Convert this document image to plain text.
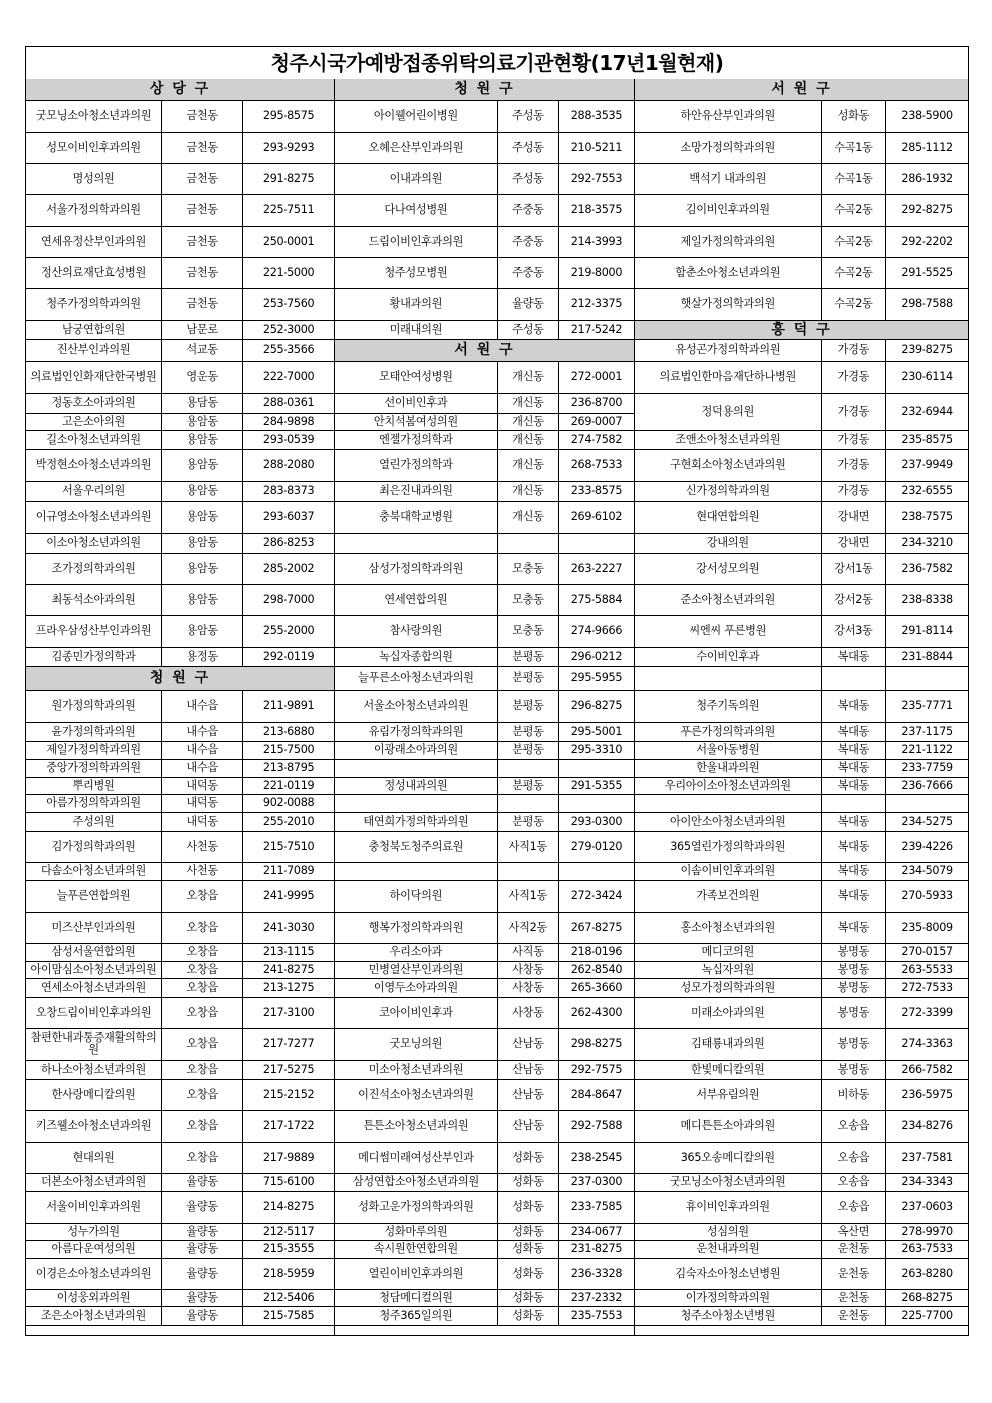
청주시국가예방접종위탁의료기관현황(17년1월현재)
상 당 구		
굿모닝소아청소년과의원	금천동	295-8575
성모이비인후과의원	금천동	293-9293
명성의원	금천동	291-8275
서울가정의학과의원	금천동	225-7511
연세유정산부인과의원	금천동	250-0001
정산의료재단효성병원	금천동	221-5000
청주가정의학과의원	금천동	253-7560
남궁연합의원	남문로	252-3000
진산부인과의원	석교동	255-3566
의료법인인화재단한국병원	영운동	222-7000
정동호소아과의원	용담동	288-0361
고은소아의원	용암동	284-9898
길소아청소년과의원	용암동	293-0539
박정현소아청소년과의원	용암동	288-2080
서울우리의원	용암동	283-8373
이규영소아청소년과의원	용암동	293-6037
이소아청소년과의원	용암동	286-8253
조가정의학과의원	용암동	285-2002
최동석소아과의원	용암동	298-7000
프라우삼성산부인과의원	용암동	255-2000
김종민가정의학과	용정동	292-0119
청 원 구		
원가정의학과의원	내수읍	211-9891
윤가정의학과의원	내수읍	213-6880
제일가정의학과의원	내수읍	215-7500
중앙가정의학과의원	내수읍	213-8795
뿌리병원	내덕동	221-0119
아름가정의학과의원	내덕동	902-0088
주성의원	내덕동	255-2010
김가정의학과의원	사천동	215-7510
다솜소아청소년과의원	사천동	211-7089
늘푸른연합의원	오창읍	241-9995
미즈산부인과의원	오창읍	241-3030
삼성서울연합의원	오창읍	213-1115
아이맘심소아청소년과의원	오창읍	241-8275
연세소아청소년과의원	오창읍	213-1275
오창드림이비인후과의원	오창읍	217-3100
참편한내과통증재활의학의원	오창읍	217-7277
하나소아청소년과의원	오창읍	217-5275
한사랑메디칼의원	오창읍	215-2152
키즈웰소아청소년과의원	오창읍	217-1722
현대의원	오창읍	217-9889
더본소아청소년과의원	율량동	715-6100
서울이비인후과의원	율량동	214-8275
성누가의원	율량동	212-5117
아름다운여성의원	율량동	215-3555
이경은소아청소년과의원	율량동	218-5959
이성웅외과의원	율량동	212-5406
조은소아청소년과의원	율량동	215-7585
청 원 구		
아이웰어린이병원	주성동	288-3535
오혜은산부인과의원	주성동	210-5211
이내과의원	주성동	292-7553
다나여성병원	주중동	218-3575
드림이비인후과의원	주중동	214-3993
청주성모병원	주중동	219-8000
황내과의원	율량동	212-3375
미래내의원	주성동	217-5242
서 원 구		
모태안여성병원	개신동	272-0001
선이비인후과	개신동	236-8700
안치석봄여성의원	개신동	269-0007
엔젤가정의학과	개신동	274-7582
열린가정의학과	개신동	268-7533
최은진내과의원	개신동	233-8575
충북대학교병원	개신동	269-6102

삼성가정의학과의원	모충동	263-2227
연세연합의원	모충동	275-5884
참사랑의원	모충동	274-9666
녹십자종합의원	분평동	296-0212
늘푸른소아청소년과의원	분평동	295-5955
서울소아청소년과의원	분평동	296-8275
유림가정의학과의원	분평동	295-5001
이광래소아과의원	분평동	295-3310

정성내과의원	분평동	291-5355

태연희가정의학과의원	분평동	293-0300
충청북도청주의료원	사직1동	279-0120

하이닥의원	사직1동	272-3424
행복가정의학과의원	사직2동	267-8275
우리소아과	사직동	218-0196
민병열산부인과의원	사창동	262-8540
이영두소아과의원	사창동	265-3660
코아이비인후과	사창동	262-4300
굿모닝의원	산남동	298-8275
미소아청소년과의원	산남동	292-7575
이진석소아청소년과의원	산남동	284-8647
튼튼소아청소년과의원	산남동	292-7588
메디썸미래여성산부인과	성화동	238-2545
삼성연합소아청소년과의원	성화동	237-0300
성화고운가정의학과의원	성화동	233-7585
성화마루의원	성화동	234-0677
속시원한연합의원	성화동	231-8275
열린이비인후과의원	성화동	236-3328
청담메디컬의원	성화동	237-2332
청주365일의원	성화동	235-7553
서 원 구		
하안유산부인과의원	성화동	238-5900
소망가정의학과의원	수곡1동	285-1112
백석기 내과의원	수곡1동	286-1932
김이비인후과의원	수곡2동	292-8275
제일가정의학과의원	수곡2동	292-2202
함춘소아청소년과의원	수곡2동	291-5525
햇살가정의학과의원	수곡2동	298-7588
흥 덕 구		
유성곤가정의학과의원	가경동	239-8275
의료법인한마음재단하나병원	가경동	230-6114
정덕용의원	가경동	232-6944
조앤소아청소년과의원	가경동	235-8575
구현회소아청소년과의원	가경동	237-9949
신가정의학과의원	가경동	232-6555
현대연합의원	강내면	238-7575
강내의원	강내면	234-3210
강서성모의원	강서1동	236-7582
준소아청소년과의원	강서2동	238-8338
씨엔씨 푸른병원	강서3동	291-8114
수이비인후과	복대동	231-8844

청주기독의원	복대동	235-7771
푸른가정의학과의원	복대동	237-1175
서울아동병원	복대동	221-1122
한울내과의원	복대동	233-7759
우리아이소아청소년과의원	복대동	236-7666

아이안소아청소년과의원	복대동	234-5275
365열린가정의학과의원	복대동	239-4226
이솜이비인후과의원	복대동	234-5079
가족보건의원	복대동	270-5933
홍소아청소년과의원	복대동	235-8009
메디코의원	봉명동	270-0157
녹십자의원	봉명동	263-5533
성모가정의학과의원	봉명동	272-7533
미래소아과의원	봉명동	272-3399
김태룡내과의원	봉명동	274-3363
한빛메디칼의원	봉명동	266-7582
서부유림의원	비하동	236-5975
메디튼튼소아과의원	오송읍	234-8276
365오송메디칼의원	오송읍	237-7581
굿모닝소아청소년과의원	오송읍	234-3343
휴이비인후과의원	오송읍	237-0603
성심의원	옥산면	278-9970
운천내과의원	운천동	263-7533
김숙자소아청소년병원	운천동	263-8280
이가정의학과의원	운천동	268-8275
청주소아청소년병원	운천동	225-7700
